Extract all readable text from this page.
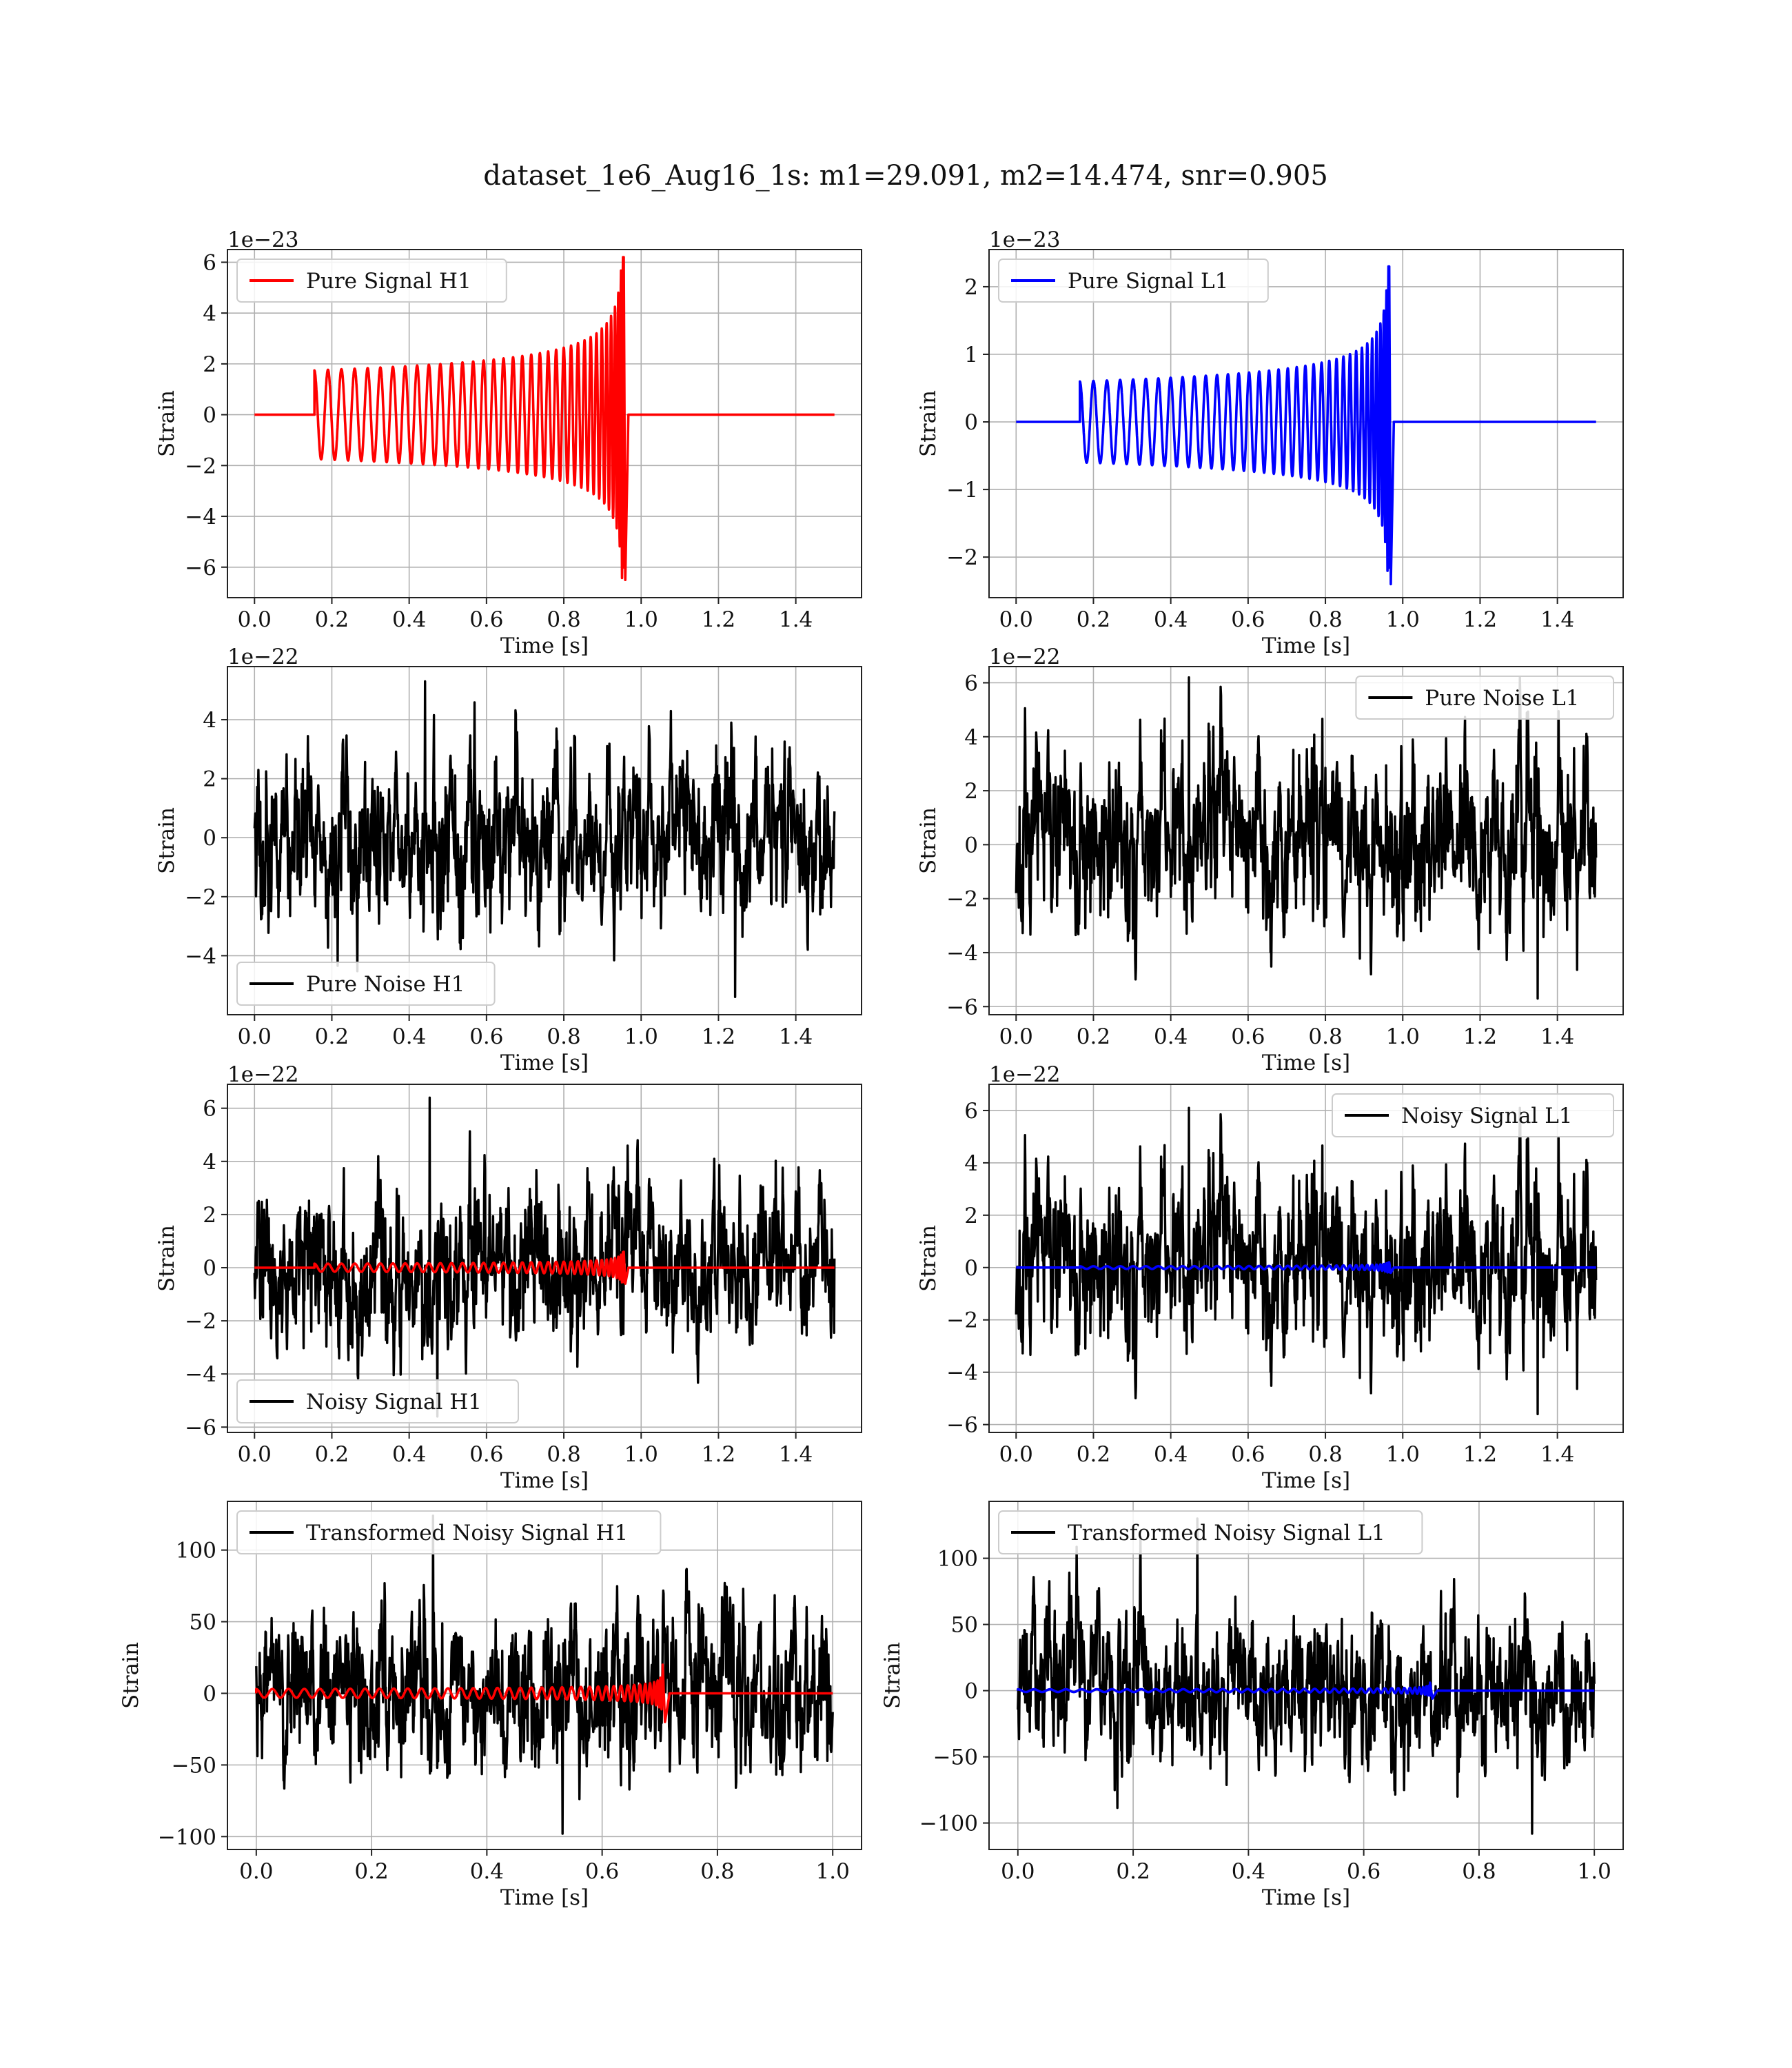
dataset_1e6_Aug16_1s: m1=29.091, m2=14.474, snr=0.905
0.0 0.2 0.4 0.6 0.8 1.0 1.2 1.4
−6
−4
−2
0
2
4
6
Time [s]
Strain
1e−23
Pure Signal H1
0.0 0.2 0.4 0.6 0.8 1.0 1.2 1.4
−2
−1
0
1
2
Time [s]
Strain
1e−23
Pure Signal L1
0.0 0.2 0.4 0.6 0.8 1.0 1.2 1.4
−4
−2
0
2
4
Time [s]
Strain
1e−22
Pure Noise H1
0.0 0.2 0.4 0.6 0.8 1.0 1.2 1.4
−6
−4
−2
0
2
4
6
Time [s]
Strain
1e−22
Pure Noise L1
0.0 0.2 0.4 0.6 0.8 1.0 1.2 1.4
−6
−4
−2
0
2
4
6
Time [s]
Strain
1e−22
Noisy Signal H1
0.0 0.2 0.4 0.6 0.8 1.0 1.2 1.4
−6
−4
−2
0
2
4
6
Time [s]
Strain
1e−22
Noisy Signal L1
0.0	0.2	0.4	0.6	0.8	1.0
−100
−50
0
50
100
Time [s]
Strain
Transformed Noisy Signal H1
0.0	0.2	0.4	0.6	0.8	1.0
−100
−50
0
50
100
Time [s]
Strain
Transformed Noisy Signal L1
